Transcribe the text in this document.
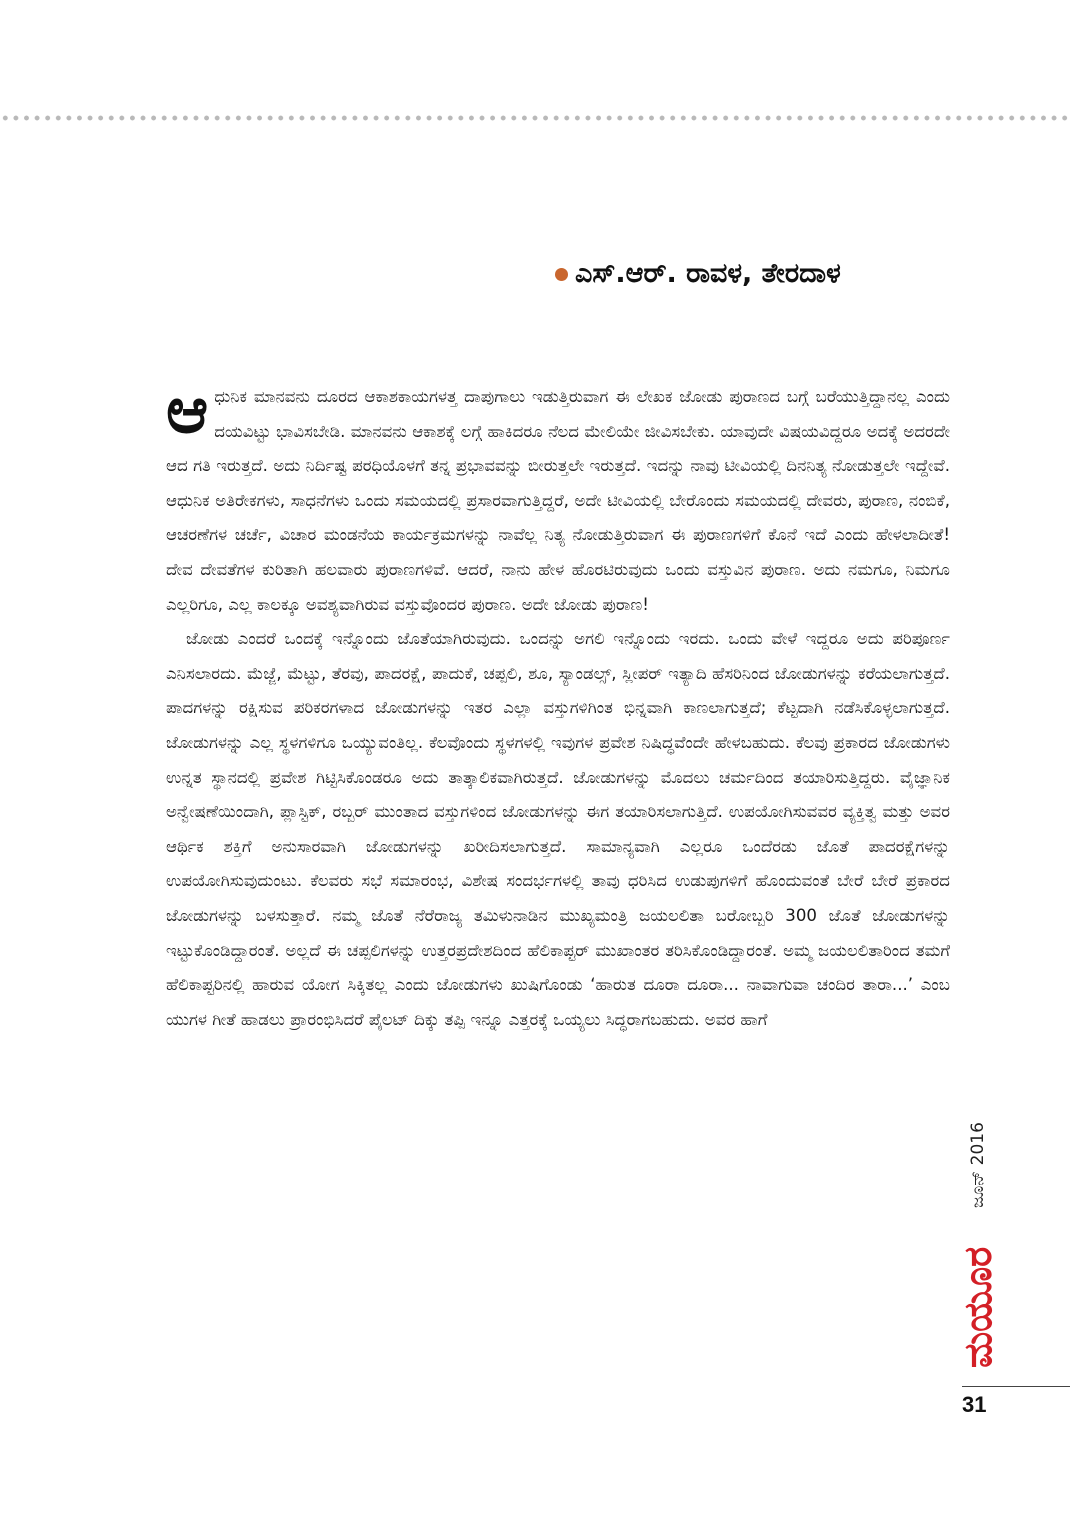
ಎಸ್.ಆರ್. ರಾವಳ, ತೇರದಾಳ

ಆ ಧುನಿಕ ಮಾನವನು ದೂರದ ಆಕಾಶಕಾಯಗಳತ್ತ ದಾಪುಗಾಲು ಇಡುತ್ತಿರುವಾಗ ಈ ಲೇಖಕ ಜೋಡು ಪುರಾಣದ ಬಗ್ಗೆ ಬರೆಯುತ್ತಿದ್ದಾನಲ್ಲ ಎಂದು ದಯವಿಟ್ಟು ಭಾವಿಸಬೇಡಿ. ಮಾನವನು ಆಕಾಶಕ್ಕೆ ಲಗ್ಗೆ ಹಾಕಿದರೂ ನೆಲದ ಮೇಲಿಯೇ ಜೀವಿಸಬೇಕು. ಯಾವುದೇ ವಿಷಯವಿದ್ದರೂ ಅದಕ್ಕೆ ಅದರದೇ ಆದ ಗತಿ ಇರುತ್ತದೆ. ಅದು ನಿರ್ದಿಷ್ಟ ಪರಧಿಯೊಳಗೆ ತನ್ನ ಪ್ರಭಾವವನ್ನು ಬೀರುತ್ತಲೇ ಇರುತ್ತದೆ. ಇದನ್ನು ನಾವು ಟೀವಿಯಲ್ಲಿ ದಿನನಿತ್ಯ ನೋಡುತ್ತಲೇ ಇದ್ದೇವೆ. ಆಧುನಿಕ ಅತಿರೇಕಗಳು, ಸಾಧನೆಗಳು ಒಂದು ಸಮಯದಲ್ಲಿ ಪ್ರಸಾರವಾಗುತ್ತಿದ್ದರೆ, ಅದೇ ಟೀವಿಯಲ್ಲಿ ಬೇರೊಂದು ಸಮಯದಲ್ಲಿ ದೇವರು, ಪುರಾಣ, ನಂಬಿಕೆ, ಆಚರಣೆಗಳ ಚರ್ಚೆ, ವಿಚಾರ ಮಂಡನೆಯ ಕಾರ್ಯಕ್ರಮಗಳನ್ನು ನಾವೆಲ್ಲ ನಿತ್ಯ ನೋಡುತ್ತಿರುವಾಗ ಈ ಪುರಾಣಗಳಿಗೆ ಕೊನೆ ಇದೆ ಎಂದು ಹೇಳಲಾದೀತೆ! ದೇವ ದೇವತೆಗಳ ಕುರಿತಾಗಿ ಹಲವಾರು ಪುರಾಣಗಳಿವೆ. ಆದರೆ, ನಾನು ಹೇಳ ಹೊರಟಿರುವುದು ಒಂದು ವಸ್ತುವಿನ ಪುರಾಣ. ಅದು ನಮಗೂ, ನಿಮಗೂ ಎಲ್ಲರಿಗೂ, ಎಲ್ಲ ಕಾಲಕ್ಕೂ ಅವಶ್ಯವಾಗಿರುವ ವಸ್ತುವೊಂದರ ಪುರಾಣ. ಅದೇ ಜೋಡು ಪುರಾಣ!

ಜೋಡು ಎಂದರೆ ಒಂದಕ್ಕೆ ಇನ್ನೊಂದು ಜೊತೆಯಾಗಿರುವುದು. ಒಂದನ್ನು ಅಗಲಿ ಇನ್ನೊಂದು ಇರದು. ಒಂದು ವೇಳೆ ಇದ್ದರೂ ಅದು ಪರಿಪೂರ್ಣ ಎನಿಸಲಾರದು. ಮೆಜ್ಜೆ, ಮೆಟ್ಟು, ತೆರವು, ಪಾದರಕ್ಷೆ, ಪಾದುಕೆ, ಚಪ್ಪಲಿ, ಶೂ, ಸ್ಯಾಂಡಲ್ಸ್, ಸ್ಲೀಪರ್ ಇತ್ಯಾದಿ ಹೆಸರಿನಿಂದ ಜೋಡುಗಳನ್ನು ಕರೆಯಲಾಗುತ್ತದೆ. ಪಾದಗಳನ್ನು ರಕ್ಷಿಸುವ ಪರಿಕರಗಳಾದ ಜೋಡುಗಳನ್ನು ಇತರ ಎಲ್ಲಾ ವಸ್ತುಗಳಿಗಿಂತ ಭಿನ್ನವಾಗಿ ಕಾಣಲಾಗುತ್ತದೆ; ಕೆಟ್ಟದಾಗಿ ನಡೆಸಿಕೊಳ್ಳಲಾಗುತ್ತದೆ. ಜೋಡುಗಳನ್ನು ಎಲ್ಲ ಸ್ಥಳಗಳಿಗೂ ಒಯ್ಯುವಂತಿಲ್ಲ. ಕೆಲವೊಂದು ಸ್ಥಳಗಳಲ್ಲಿ ಇವುಗಳ ಪ್ರವೇಶ ನಿಷಿದ್ಧವೆಂದೇ ಹೇಳಬಹುದು. ಕೆಲವು ಪ್ರಕಾರದ ಜೋಡುಗಳು ಉನ್ನತ ಸ್ಥಾನದಲ್ಲಿ ಪ್ರವೇಶ ಗಿಟ್ಟಿಸಿಕೊಂಡರೂ ಅದು ತಾತ್ಕಾಲಿಕವಾಗಿರುತ್ತದೆ. ಜೋಡುಗಳನ್ನು ಮೊದಲು ಚರ್ಮದಿಂದ ತಯಾರಿಸುತ್ತಿದ್ದರು. ವೈಜ್ಞಾನಿಕ ಅನ್ವೇಷಣೆಯಿಂದಾಗಿ, ಪ್ಲಾಸ್ಟಿಕ್, ರಬ್ಬರ್ ಮುಂತಾದ ವಸ್ತುಗಳಿಂದ ಜೋಡುಗಳನ್ನು ಈಗ ತಯಾರಿಸಲಾಗುತ್ತಿದೆ. ಉಪಯೋಗಿಸುವವರ ವ್ಯಕ್ತಿತ್ವ ಮತ್ತು ಅವರ ಆರ್ಥಿಕ ಶಕ್ತಿಗೆ ಅನುಸಾರವಾಗಿ ಜೋಡುಗಳನ್ನು ಖರೀದಿಸಲಾಗುತ್ತದೆ. ಸಾಮಾನ್ಯವಾಗಿ ಎಲ್ಲರೂ ಒಂದೆರಡು ಜೊತೆ ಪಾದರಕ್ಷೆಗಳನ್ನು ಉಪಯೋಗಿಸುವುದುಂಟು. ಕೆಲವರು ಸಭೆ ಸಮಾರಂಭ, ವಿಶೇಷ ಸಂದರ್ಭಗಳಲ್ಲಿ ತಾವು ಧರಿಸಿದ ಉಡುಪುಗಳಿಗೆ ಹೊಂದುವಂತೆ ಬೇರೆ ಬೇರೆ ಪ್ರಕಾರದ ಜೋಡುಗಳನ್ನು ಬಳಸುತ್ತಾರೆ. ನಮ್ಮ ಜೊತೆ ನೆರೆರಾಜ್ಯ ತಮಿಳುನಾಡಿನ ಮುಖ್ಯಮಂತ್ರಿ ಜಯಲಲಿತಾ ಬರೋಬ್ಬರಿ 300 ಜೊತೆ ಜೋಡುಗಳನ್ನು ಇಟ್ಟುಕೊಂಡಿದ್ದಾರಂತೆ. ಅಲ್ಲದೆ ಈ ಚಪ್ಪಲಿಗಳನ್ನು ಉತ್ತರಪ್ರದೇಶದಿಂದ ಹೆಲಿಕಾಪ್ಟರ್ ಮುಖಾಂತರ ತರಿಸಿಕೊಂಡಿದ್ದಾರಂತೆ. ಅಮ್ಮ ಜಯಲಲಿತಾರಿಂದ ತಮಗೆ ಹೆಲಿಕಾಪ್ಟರಿನಲ್ಲಿ ಹಾರುವ ಯೋಗ ಸಿಕ್ಕಿತಲ್ಲ ಎಂದು ಜೋಡುಗಳು ಖುಷಿಗೊಂಡು ‘ಹಾರುತ ದೂರಾ ದೂರಾ... ನಾವಾಗುವಾ ಚಂದಿರ ತಾರಾ...’ ಎಂಬ ಯುಗಳ ಗೀತೆ ಹಾಡಲು ಪ್ರಾರಂಭಿಸಿದರೆ ಪೈಲಟ್ ದಿಕ್ಕು ತಪ್ಪಿ ಇನ್ನೂ ಎತ್ತರಕ್ಕೆ ಒಯ್ಯಲು ಸಿದ್ಧರಾಗಬಹುದು. ಅವರ ಹಾಗೆ

ಜೂನ್ 2016
ಮಯೂರ
31
